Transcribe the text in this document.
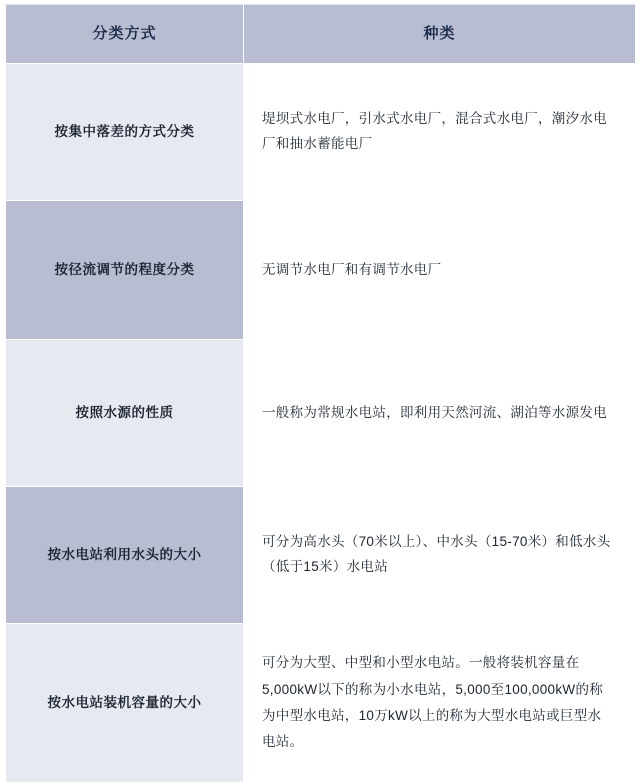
分类方式	种类
按集中落差的方式分类	堤坝式水电厂，引水式水电厂，混合式水电厂，潮汐水电厂和抽水蓄能电厂
按径流调节的程度分类	无调节水电厂和有调节水电厂
按照水源的性质	一般称为常规水电站，即利用天然河流、湖泊等水源发电
按水电站利用水头的大小	可分为高水头（70米以上）、中水头（15-70米）和低水头（低于15米）水电站
按水电站装机容量的大小	可分为大型、中型和小型水电站。一般将装机容量在5,000kW以下的称为小水电站，5,000至100,000kW的称为中型水电站，10万kW以上的称为大型水电站或巨型水电站。
